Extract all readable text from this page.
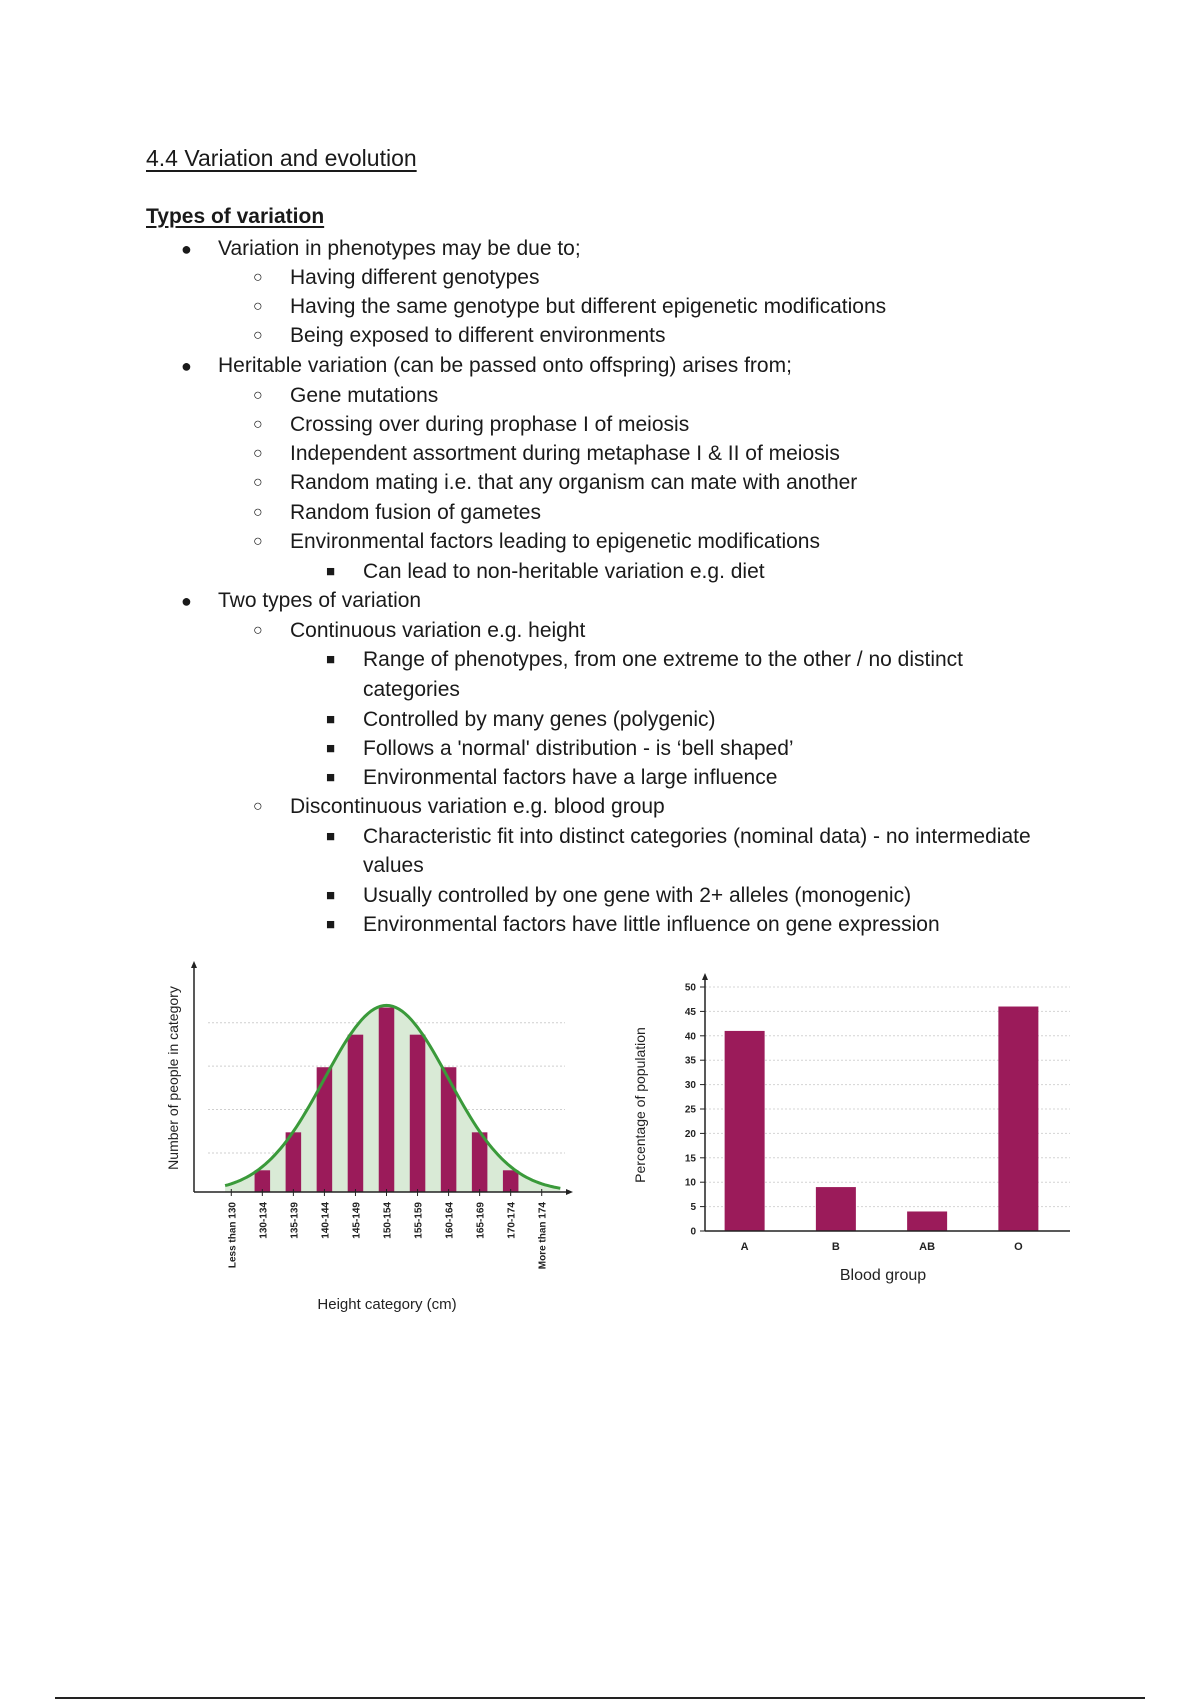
4.4 Variation and evolution
Types of variation
● Variation in phenotypes may be due to;
○ Having different genotypes
○ Having the same genotype but different epigenetic modifications
○ Being exposed to different environments
● Heritable variation (can be passed onto offspring) arises from;
○ Gene mutations
○ Crossing over during prophase I of meiosis
○ Independent assortment during metaphase I & II of meiosis
○ Random mating i.e. that any organism can mate with another
○ Random fusion of gametes
○ Environmental factors leading to epigenetic modifications
■ Can lead to non-heritable variation e.g. diet
● Two types of variation
○ Continuous variation e.g. height
■ Range of phenotypes, from one extreme to the other / no distinct
categories
■ Controlled by many genes (polygenic)
■ Follows a 'normal' distribution - is ‘bell shaped’
■ Environmental factors have a large influence
○ Discontinuous variation e.g. blood group
■ Characteristic fit into distinct categories (nominal data) - no intermediate
values
■ Usually controlled by one gene with 2+ alleles (monogenic)
■ Environmental factors have little influence on gene expression
Less than 130 130-134 135-139 140-144 145-149 150-154 155-159 160-164 165-169 170-174 More than 174
Number of people in category
Height category (cm)
0
5
10
15
20
25
30
35
40
45
50
A	B	AB	O
Percentage of population
Blood group
